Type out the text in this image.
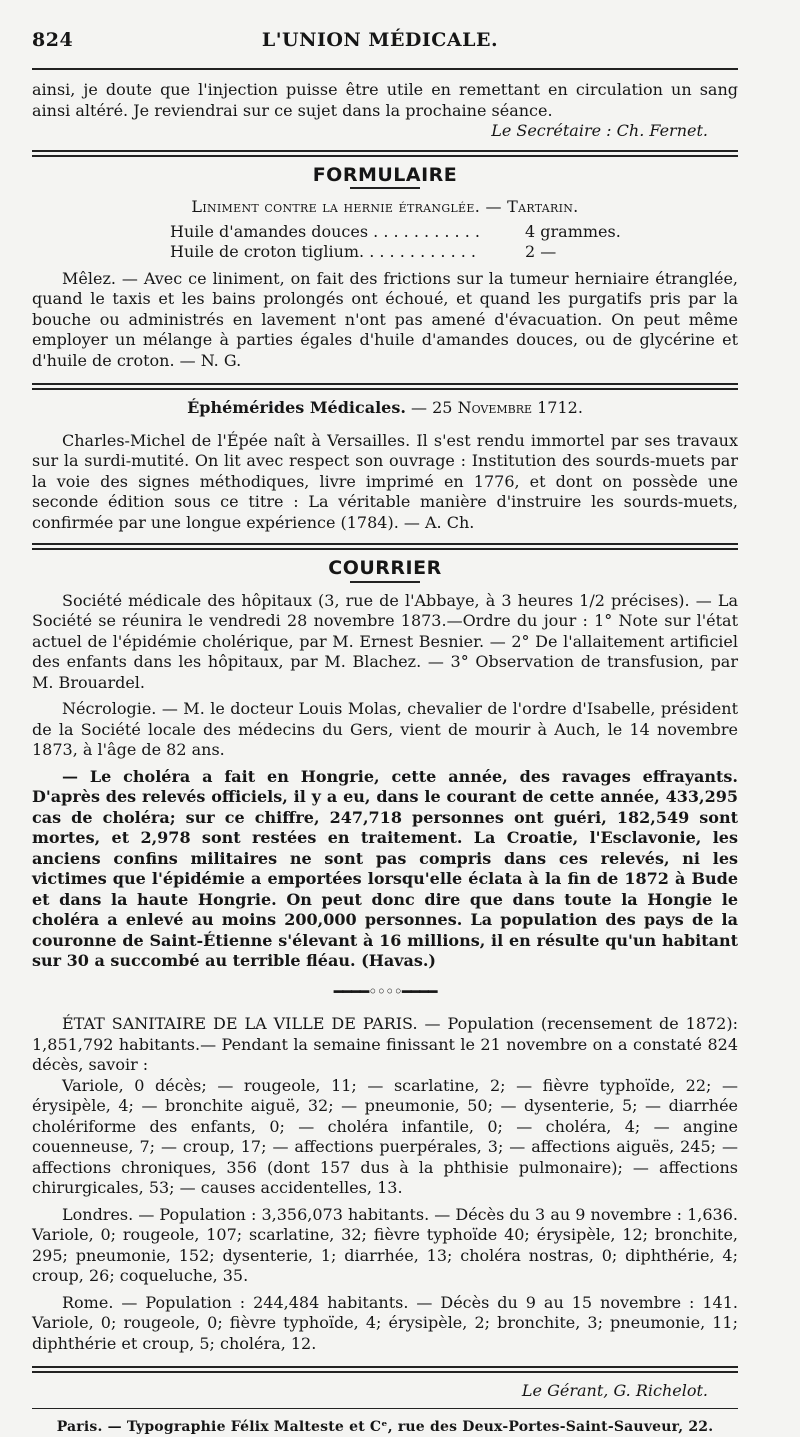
824	L'UNION MÉDICALE.

ainsi, je doute que l'injection puisse être utile en remettant en circulation un sang ainsi altéré. Je reviendrai sur ce sujet dans la prochaine séance.

Le Secrétaire : Ch. Fernet.

FORMULAIRE
Liniment contre la hernie étranglée. — Tartarin.
Huile d'amandes douces . . . . . . . . . . .	4 grammes.
Huile de croton tiglium. . . . . . . . . . . .	2 —

Mêlez. — Avec ce liniment, on fait des frictions sur la tumeur herniaire étranglée, quand le taxis et les bains prolongés ont échoué, et quand les purgatifs pris par la bouche ou administrés en lavement n'ont pas amené d'évacuation. On peut même employer un mélange à parties égales d'huile d'amandes douces, ou de glycérine et d'huile de croton. — N. G.

Éphémérides Médicales. — 25 Novembre 1712.

Charles-Michel de l'Épée naît à Versailles. Il s'est rendu immortel par ses travaux sur la surdi-mutité. On lit avec respect son ouvrage : Institution des sourds-muets par la voie des signes méthodiques, livre imprimé en 1776, et dont on possède une seconde édition sous ce titre : La véritable manière d'instruire les sourds-muets, confirmée par une longue expérience (1784). — A. Ch.

COURRIER

Société médicale des hôpitaux (3, rue de l'Abbaye, à 3 heures 1/2 précises). — La Société se réunira le vendredi 28 novembre 1873.—Ordre du jour : 1° Note sur l'état actuel de l'épidémie cholérique, par M. Ernest Besnier. — 2° De l'allaitement artificiel des enfants dans les hôpitaux, par M. Blachez. — 3° Observation de transfusion, par M. Brouardel.

Nécrologie. — M. le docteur Louis Molas, chevalier de l'ordre d'Isabelle, président de la Société locale des médecins du Gers, vient de mourir à Auch, le 14 novembre 1873, à l'âge de 82 ans.

— Le choléra a fait en Hongrie, cette année, des ravages effrayants. D'après des relevés officiels, il y a eu, dans le courant de cette année, 433,295 cas de choléra; sur ce chiffre, 247,718 personnes ont guéri, 182,549 sont mortes, et 2,978 sont restées en traitement. La Croatie, l'Esclavonie, les anciens confins militaires ne sont pas compris dans ces relevés, ni les victimes que l'épidémie a emportées lorsqu'elle éclata à la fin de 1872 à Bude et dans la haute Hongrie. On peut donc dire que dans toute la Hongie le choléra a enlevé au moins 200,000 personnes. La population des pays de la couronne de Saint-Étienne s'élevant à 16 millions, il en résulte qu'un habitant sur 30 a succombé au terrible fléau. (Havas.)

━━━━◦◦◦◦━━━━

ÉTAT SANITAIRE DE LA VILLE DE PARIS. — Population (recensement de 1872): 1,851,792 habitants.— Pendant la semaine finissant le 21 novembre on a constaté 824 décès, savoir :

Variole, 0 décès; — rougeole, 11; — scarlatine, 2; — fièvre typhoïde, 22; — érysipèle, 4; — bronchite aiguë, 32; — pneumonie, 50; — dysenterie, 5; — diarrhée cholériforme des enfants, 0; — choléra infantile, 0; — choléra, 4; — angine couenneuse, 7; — croup, 17; — affections puerpérales, 3; — affections aiguës, 245; — affections chroniques, 356 (dont 157 dus à la phthisie pulmonaire); — affections chirurgicales, 53; — causes accidentelles, 13.

Londres. — Population : 3,356,073 habitants. — Décès du 3 au 9 novembre : 1,636. Variole, 0; rougeole, 107; scarlatine, 32; fièvre typhoïde 40; érysipèle, 12; bronchite, 295; pneumonie, 152; dysenterie, 1; diarrhée, 13; choléra nostras, 0; diphthérie, 4; croup, 26; coqueluche, 35.

Rome. — Population : 244,484 habitants. — Décès du 9 au 15 novembre : 141. Variole, 0; rougeole, 0; fièvre typhoïde, 4; érysipèle, 2; bronchite, 3; pneumonie, 11; diphthérie et croup, 5; choléra, 12.

Le Gérant, G. Richelot.
Paris. — Typographie Félix Malteste et Cᵉ, rue des Deux-Portes-Saint-Sauveur, 22.
